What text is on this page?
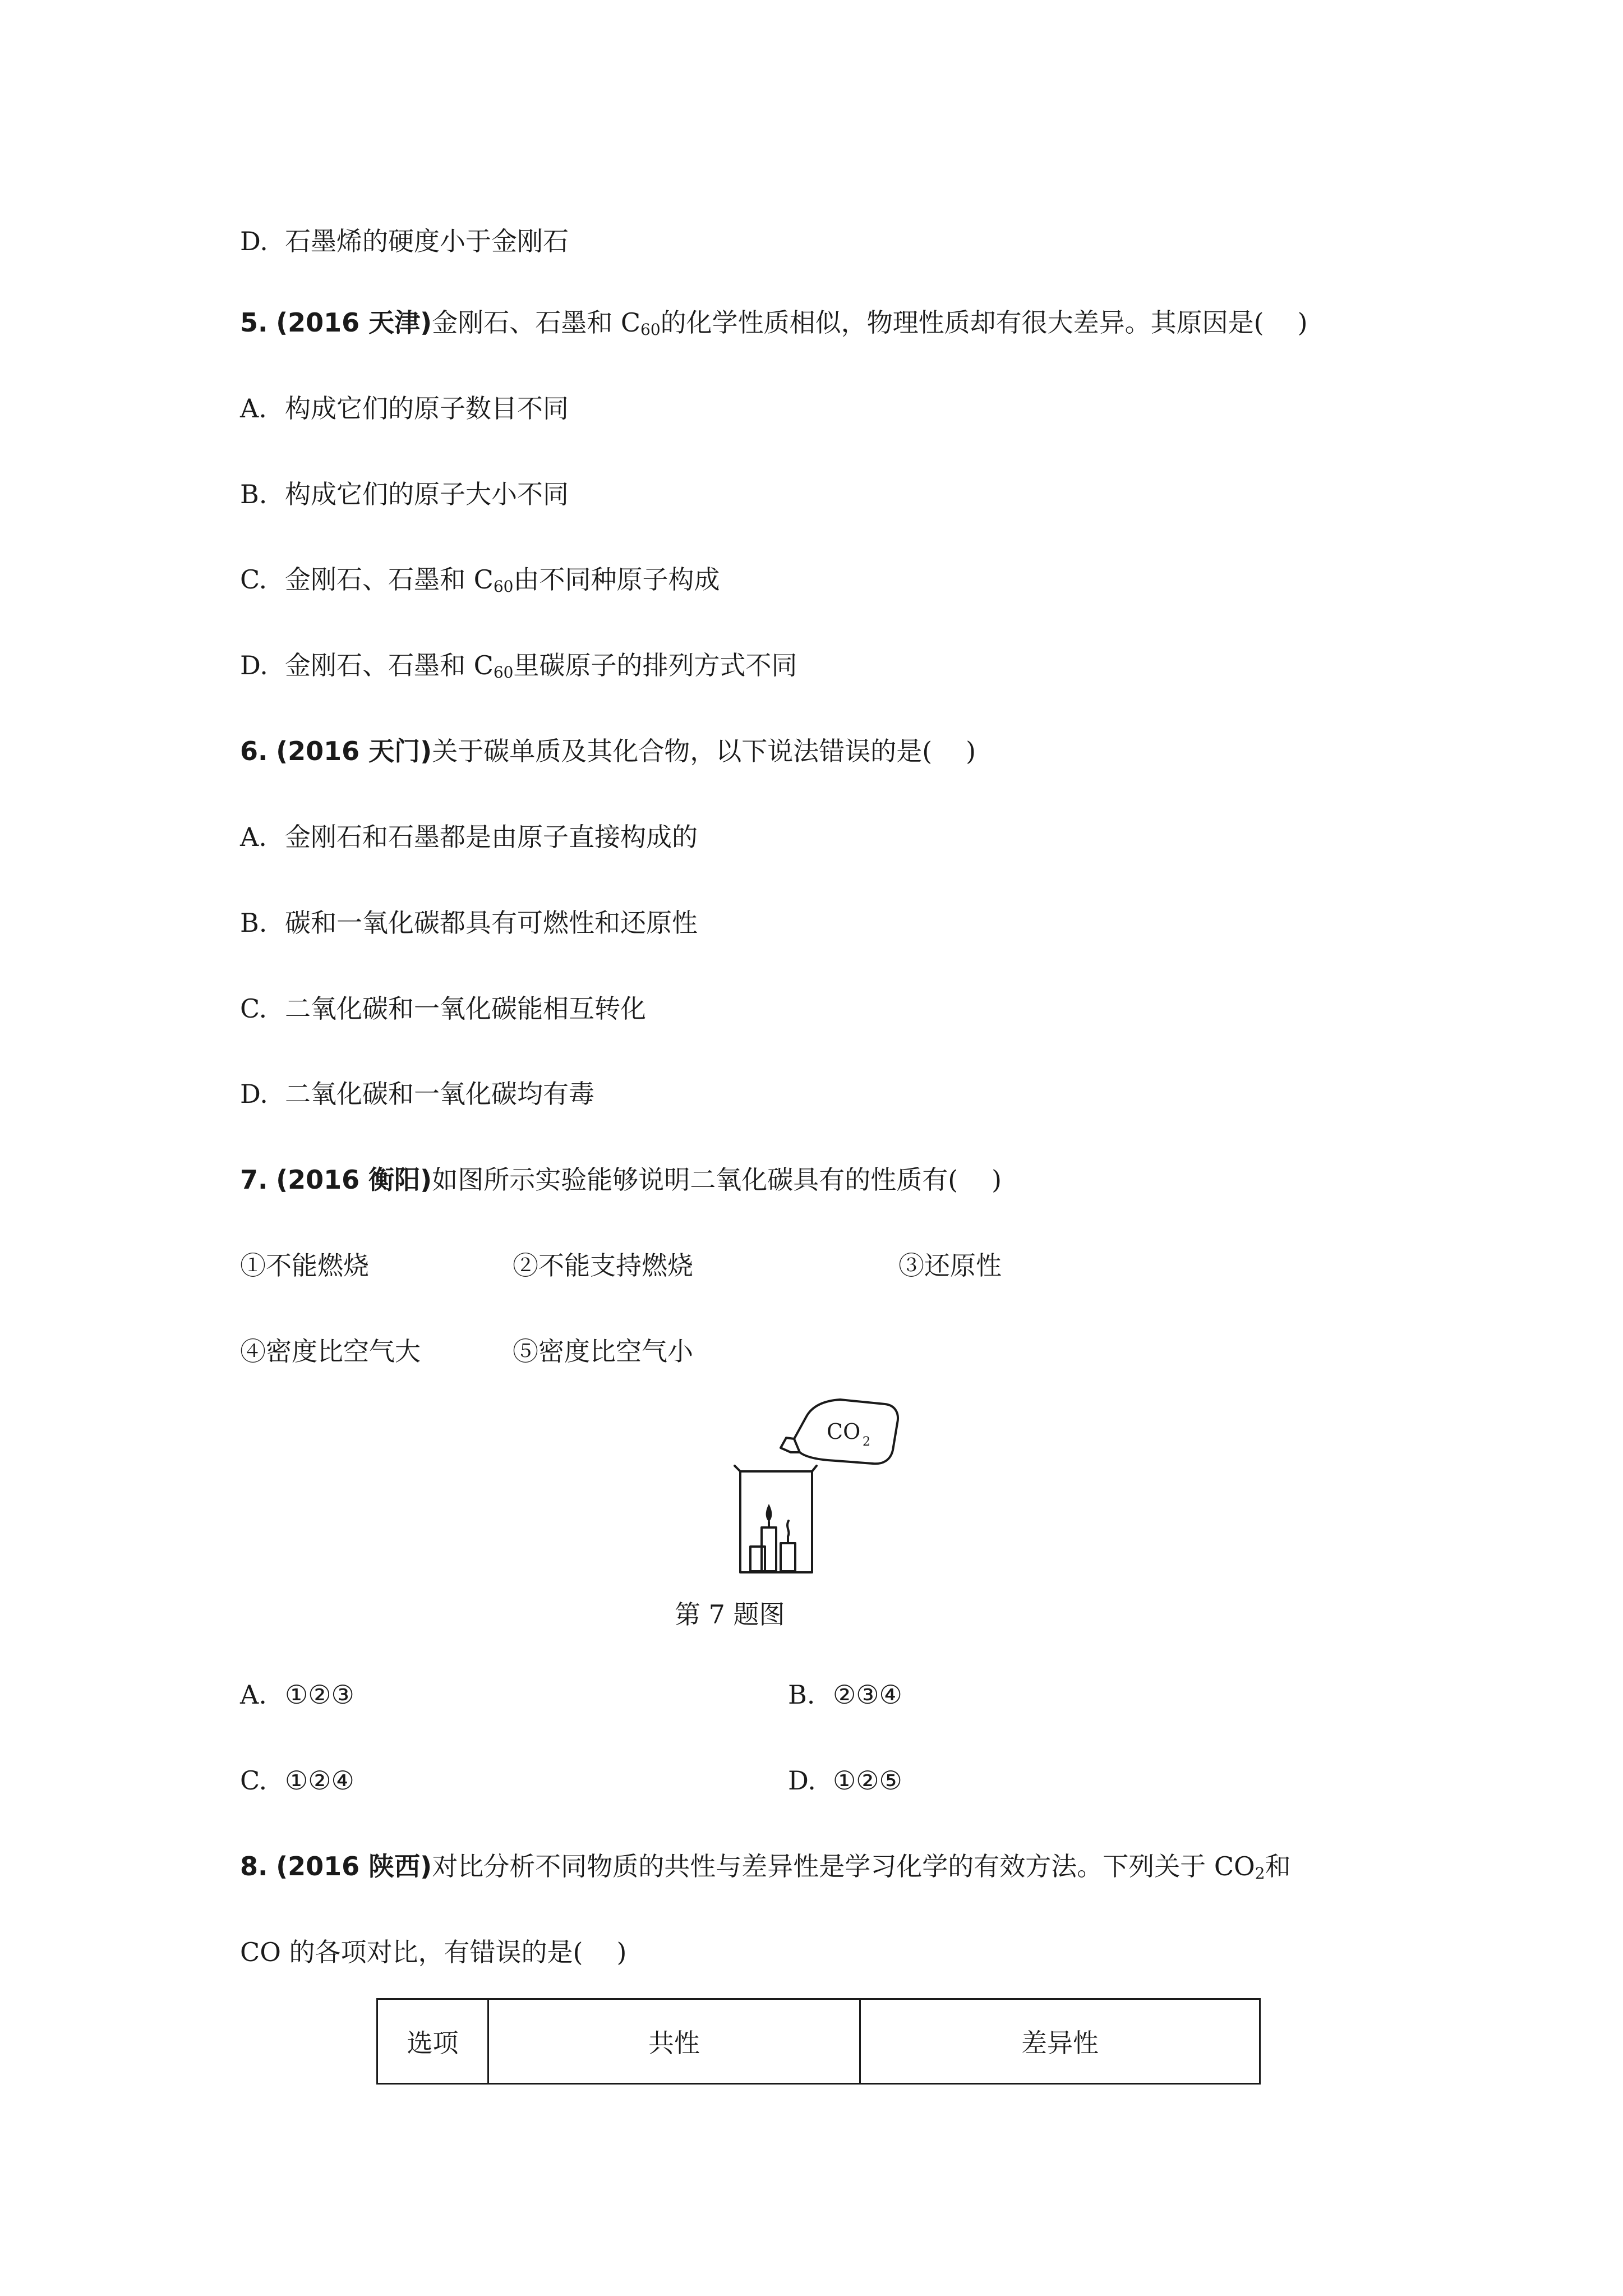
D. 石墨烯的硬度小于金刚石
5. (2016 天津)金刚石、石墨和 $C_{60}$的化学性质相似，物理性质却有很大差异。其原因是( )
A. 构成它们的原子数目不同
B. 构成它们的原子大小不同
C. 金刚石、石墨和 $C_{60}$由不同种原子构成
D. 金刚石、石墨和 $C_{60}$里碳原子的排列方式不同
6. (2016 天门)关于碳单质及其化合物，以下说法错误的是( )
A. 金刚石和石墨都是由原子直接构成的
B. 碳和一氧化碳都具有可燃性和还原性
C. 二氧化碳和一氧化碳能相互转化
D. 二氧化碳和一氧化碳均有毒
7. (2016 衡阳)如图所示实验能够说明二氧化碳具有的性质有( )
①不能燃烧	②不能支持燃烧	③还原性
④密度比空气大	⑤密度比空气小
CO 2
第 7 题图
A. ①②③	B. ②③④
C. ①②④	D. ①②⑤
8. (2016 陕西)对比分析不同物质的共性与差异性是学习化学的有效方法。下列关于 $CO_2$和
CO 的各项对比，有错误的是( )
选项	共性	差异性
